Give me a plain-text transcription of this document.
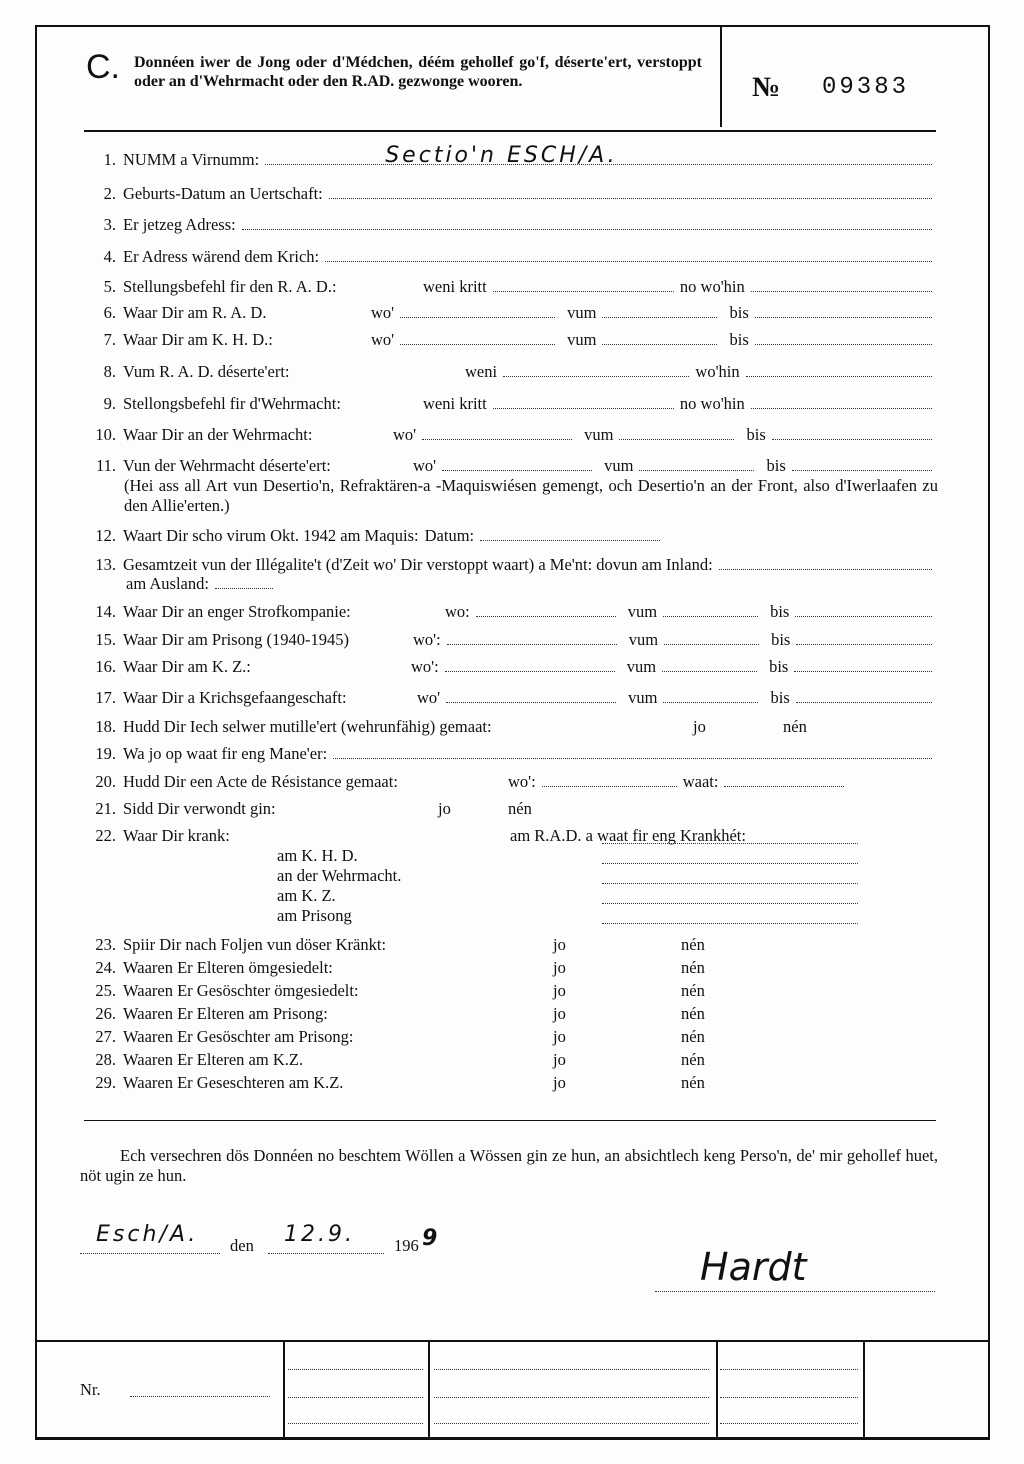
C. Donnéen iwer de Jong oder d'Médchen, déém gehollef go'f, déserte'ert, verstoppt oder an d'Wehrmacht oder den R.AD. gezwonge wooren.	№ 09383
1. NUMM a Virnumm:	Sectio'n ESCH/A.
2. Geburts-Datum an Uertschaft:
3. Er jetzeg Adress:
4. Er Adress wärend dem Krich:
5. Stellungsbefehl fir den R. A. D.:	weni kritt	no wo'hin
6. Waar Dir am R. A. D.	wo'	vum	bis
7. Waar Dir am K. H. D.:	wo'	vum	bis
8. Vum R. A. D. déserte'ert:	weni	wo'hin
9. Stellongsbefehl fir d'Wehrmacht:	weni kritt	no wo'hin
10. Waar Dir an der Wehrmacht:	wo'	vum	bis
11. Vun der Wehrmacht déserte'ert:	wo'	vum	bis
(Hei ass all Art vun Desertio'n, Refraktären-a -Maquiswiésen gemengt, och Desertio'n an der Front, also d'Iwerlaafen zu den Allie'erten.)
12. Waart Dir scho virum Okt. 1942 am Maquis: Datum:
13. Gesamtzeit vun der Illégalite't (d'Zeit wo' Dir verstoppt waart) a Me'nt: dovun am Inland:
am Ausland:
14. Waar Dir an enger Strofkompanie:	wo:	vum	bis
15. Waar Dir am Prisong (1940-1945)	wo':	vum	bis
16. Waar Dir am K. Z.:	wo':	vum	bis
17. Waar Dir a Krichsgefaangeschaft:	wo'	vum	bis
18. Hudd Dir Iech selwer mutille'ert (wehrunfähig) gemaat:	jo	nén
19. Wa jo op waat fir eng Mane'er:
20. Hudd Dir een Acte de Résistance gemaat:	wo':	waat:
21. Sidd Dir verwondt gin:	jo	nén
22. Waar Dir krank:	am R.A.D. a waat fir eng Krankhét:
am K. H. D.
an der Wehrmacht.
am K. Z.
am Prisong
23. Spiir Dir nach Foljen vun döser Kränkt:	jo	nén
24. Waaren Er Elteren ömgesiedelt:	jo	nén
25. Waaren Er Gesöschter ömgesiedelt:	jo	nén
26. Waaren Er Elteren am Prisong:	jo	nén
27. Waaren Er Gesöschter am Prisong:	jo	nén
28. Waaren Er Elteren am K.Z.	jo	nén
29. Waaren Er Geseschteren am K.Z.	jo	nén
Ech versechren dös Donnéen no beschtem Wöllen a Wössen gin ze hun, an absichtlech keng Perso'n, de' mir gehollef huet, nöt ugin ze hun.
Esch/A. den 12.9. 196 9
Hardt
Nr.
